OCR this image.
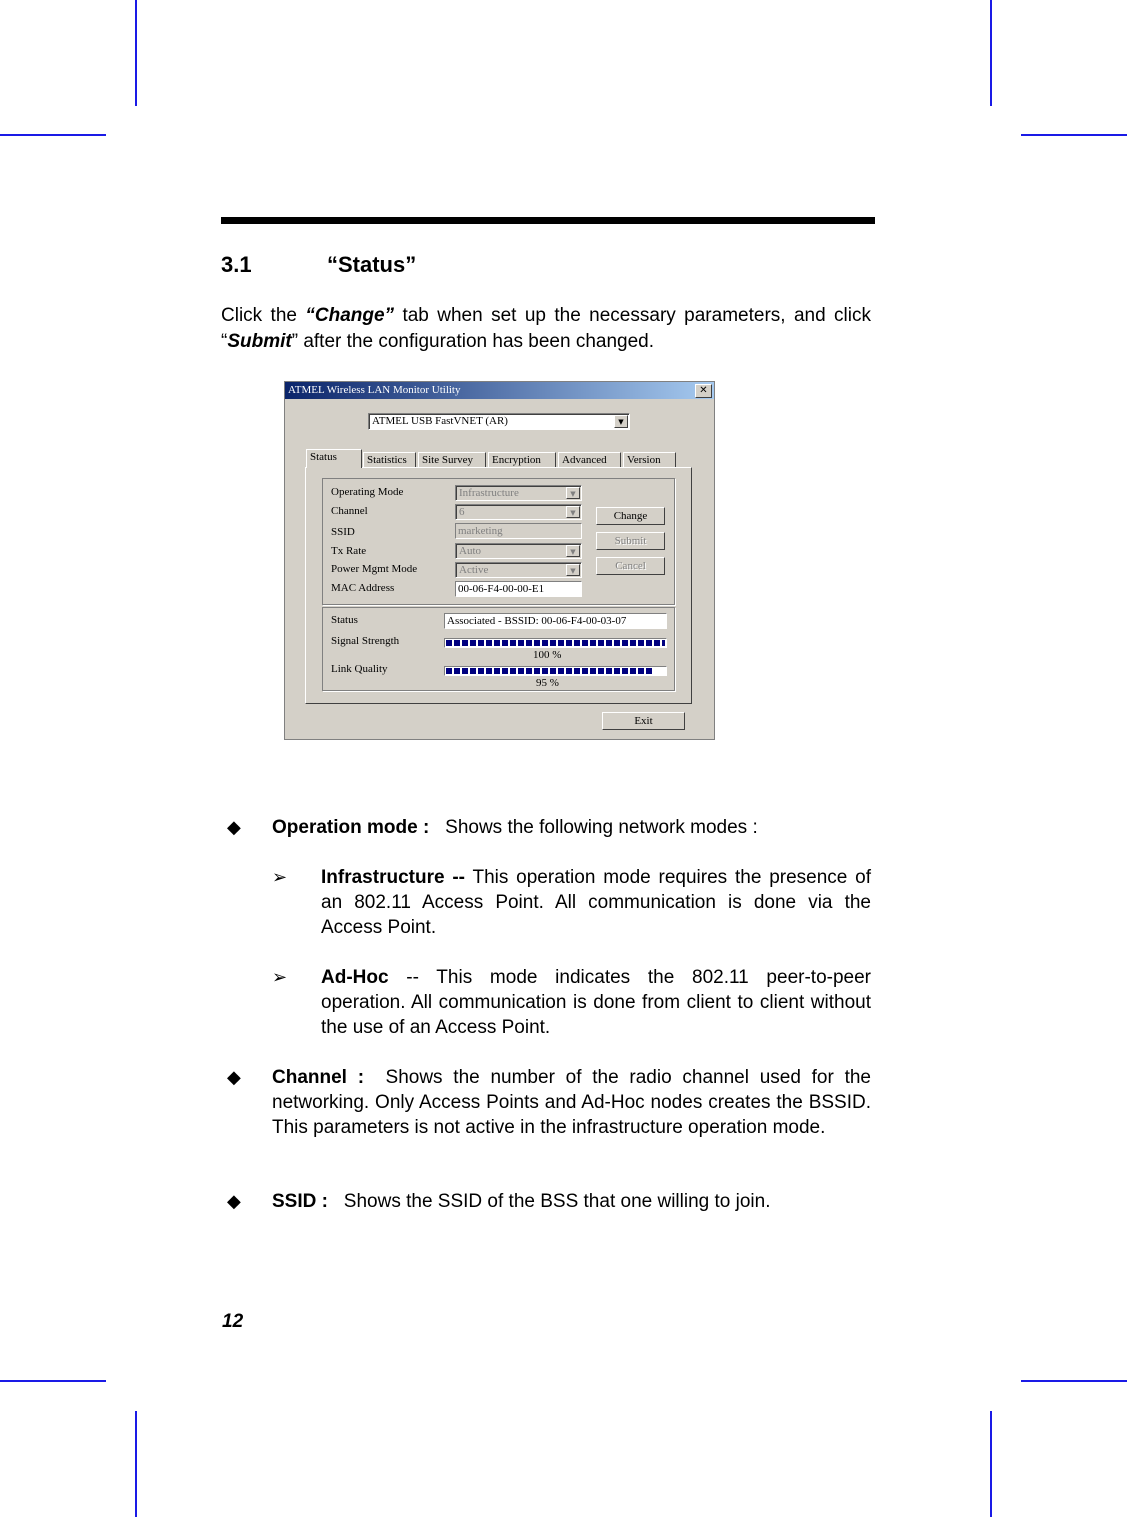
3.1	“Status”
Click the “Change” tab when set up the necessary parameters, and click “Submit” after the configuration has been changed.
ATMEL Wireless LAN Monitor Utility	✕
ATMEL USB FastVNET (AR)	▼
Status	Statistics	Site Survey	Encryption	Advanced	Version
Operating Mode	Infrastructure	▼
Channel	6	▼
SSID	marketing
Tx Rate	Auto	▼
Power Mgmt Mode	Active	▼
MAC Address	00-06-F4-00-00-E1
Change
Submit
Cancel
Status	Associated - BSSID: 00-06-F4-00-03-07
Signal Strength
100 %
Link Quality
95 %
Exit
◆ Operation mode : Shows the following network modes :
➢ Infrastructure -- This operation mode requires the presence of an 802.11 Access Point. All communication is done via the Access Point.
➢ Ad-Hoc -- This mode indicates the 802.11 peer-to-peer operation. All communication is done from client to client without the use of an Access Point.
◆ Channel : Shows the number of the radio channel used for the networking. Only Access Points and Ad-Hoc nodes creates the BSSID. This parameters is not active in the infrastructure operation mode.
◆ SSID : Shows the SSID of the BSS that one willing to join.
12
